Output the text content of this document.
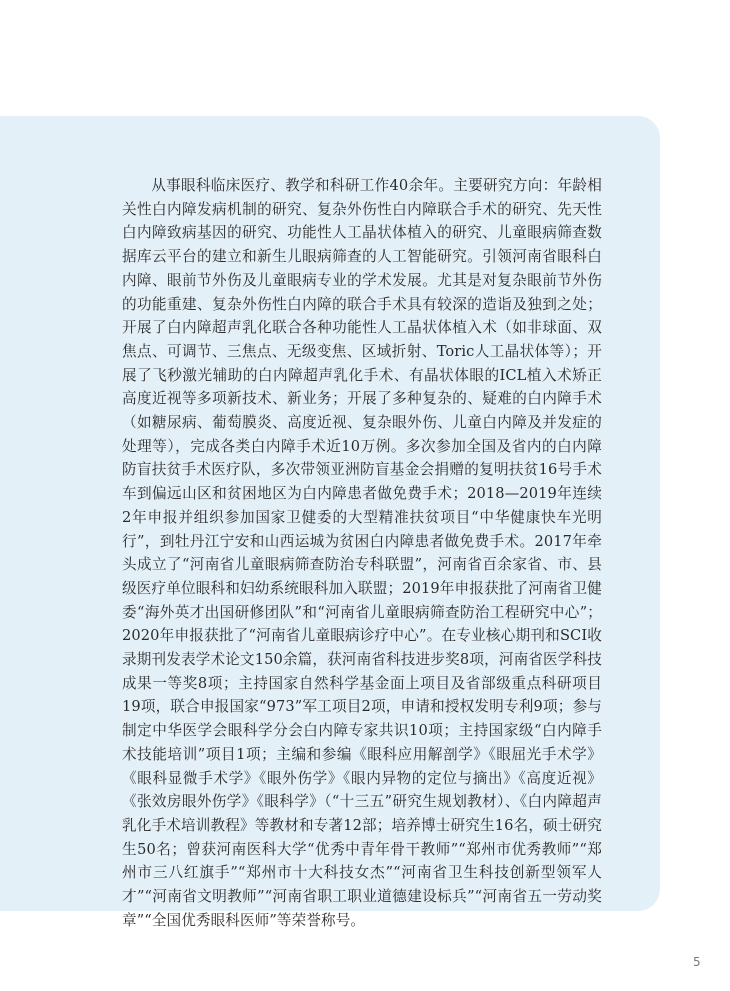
从事眼科临床医疗、教学和科研工作40余年。主要研究方向：年龄相关性白内障发病机制的研究、复杂外伤性白内障联合手术的研究、先天性白内障致病基因的研究、功能性人工晶状体植入的研究、儿童眼病筛查数据库云平台的建立和新生儿眼病筛查的人工智能研究。引领河南省眼科白内障、眼前节外伤及儿童眼病专业的学术发展。尤其是对复杂眼前节外伤的功能重建、复杂外伤性白内障的联合手术具有较深的造诣及独到之处；开展了白内障超声乳化联合各种功能性人工晶状体植入术（如非球面、双焦点、可调节、三焦点、无级变焦、区域折射、Toric人工晶状体等）；开展了飞秒激光辅助的白内障超声乳化手术、有晶状体眼的ICL植入术矫正高度近视等多项新技术、新业务；开展了多种复杂的、疑难的白内障手术（如糖尿病、葡萄膜炎、高度近视、复杂眼外伤、儿童白内障及并发症的处理等），完成各类白内障手术近10万例。多次参加全国及省内的白内障防盲扶贫手术医疗队，多次带领亚洲防盲基金会捐赠的复明扶贫16号手术车到偏远山区和贫困地区为白内障患者做免费手术；2018—2019年连续2年申报并组织参加国家卫健委的大型精准扶贫项目“中华健康快车光明行”，到牡丹江宁安和山西运城为贫困白内障患者做免费手术。2017年牵头成立了“河南省儿童眼病筛查防治专科联盟”，河南省百余家省、市、县级医疗单位眼科和妇幼系统眼科加入联盟；2019年申报获批了河南省卫健委“海外英才出国研修团队”和“河南省儿童眼病筛查防治工程研究中心”；2020年申报获批了“河南省儿童眼病诊疗中心”。在专业核心期刊和SCI收录期刊发表学术论文150余篇，获河南省科技进步奖8项，河南省医学科技成果一等奖8项；主持国家自然科学基金面上项目及省部级重点科研项目19项，联合申报国家“973”军工项目2项，申请和授权发明专利9项；参与制定中华医学会眼科学分会白内障专家共识10项；主持国家级“白内障手术技能培训”项目1项；主编和参编《眼科应用解剖学》《眼屈光手术学》《眼科显微手术学》《眼外伤学》《眼内异物的定位与摘出》《高度近视》《张效房眼外伤学》《眼科学》（“十三五”研究生规划教材）、《白内障超声乳化手术培训教程》等教材和专著12部；培养博士研究生16名，硕士研究生50名；曾获河南医科大学“优秀中青年骨干教师”“郑州市优秀教师”“郑州市三八红旗手”“郑州市十大科技女杰”“河南省卫生科技创新型领军人才”“河南省文明教师”“河南省职工职业道德建设标兵”“河南省五一劳动奖章”“全国优秀眼科医师”等荣誉称号。

5
